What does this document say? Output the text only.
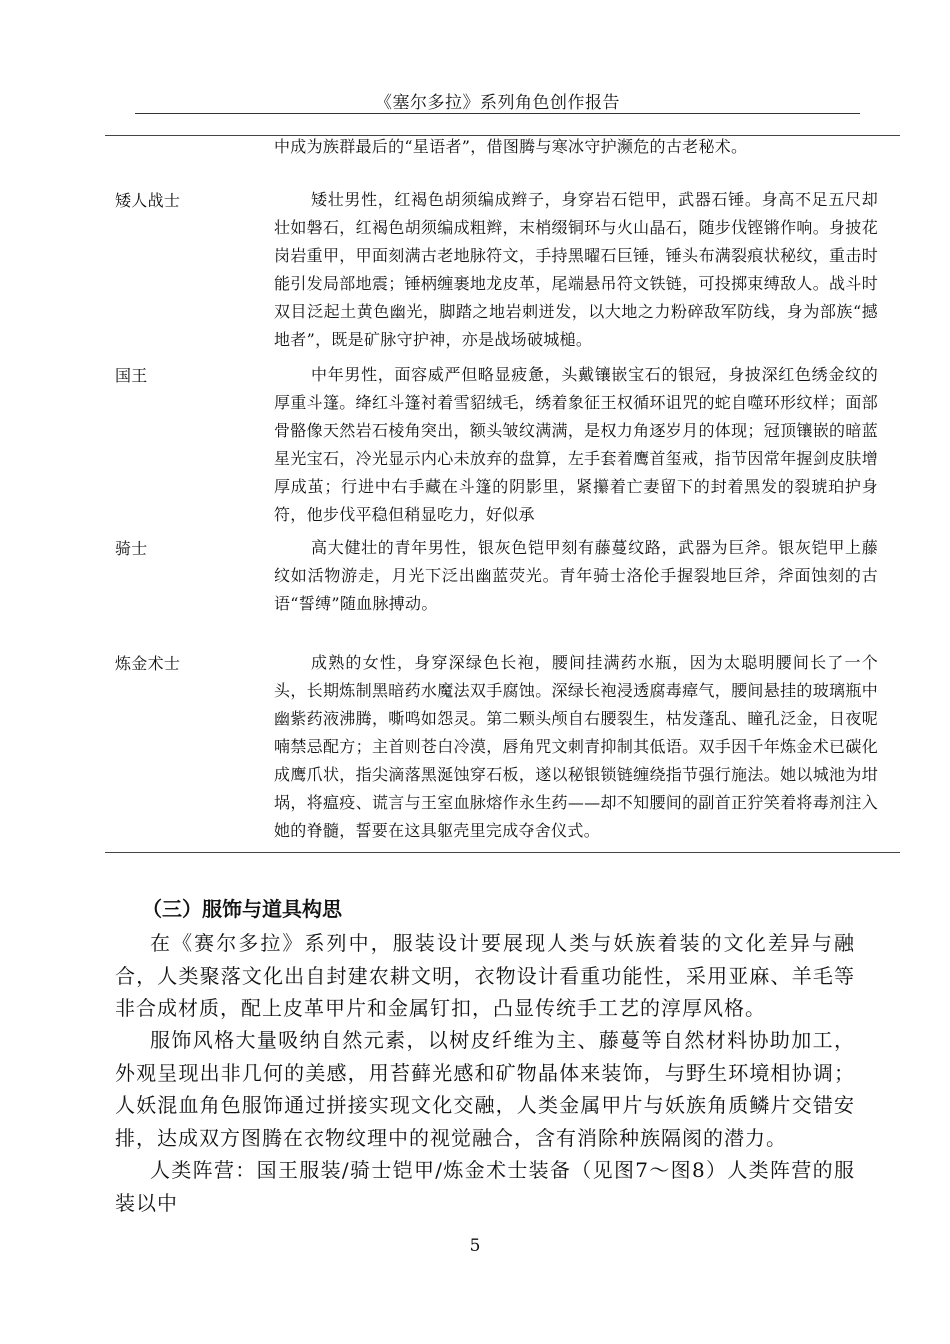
《塞尔多拉》系列角色创作报告
中成为族群最后的“星语者”，借图腾与寒冰守护濒危的古老秘术。
矮人战士	矮壮男性，红褐色胡须编成辫子，身穿岩石铠甲，武器石锤。身高不足五尺却壮如磐石，红褐色胡须编成粗辫，末梢缀铜环与火山晶石，随步伐铿锵作响。身披花岗岩重甲，甲面刻满古老地脉符文，手持黑曜石巨锤，锤头布满裂痕状秘纹，重击时能引发局部地震；锤柄缠裹地龙皮革，尾端悬吊符文铁链，可投掷束缚敌人。战斗时双目泛起土黄色幽光，脚踏之地岩刺迸发，以大地之力粉碎敌军防线，身为部族“撼地者”，既是矿脉守护神，亦是战场破城槌。
国王	中年男性，面容威严但略显疲惫，头戴镶嵌宝石的银冠，身披深红色绣金纹的厚重斗篷。绛红斗篷衬着雪貂绒毛，绣着象征王权循环诅咒的蛇自噬环形纹样；面部骨骼像天然岩石棱角突出，额头皱纹满满，是权力角逐岁月的体现；冠顶镶嵌的暗蓝星光宝石，冷光显示内心未放弃的盘算，左手套着鹰首玺戒，指节因常年握剑皮肤增厚成茧；行进中右手藏在斗篷的阴影里，紧攥着亡妻留下的封着黑发的裂琥珀护身符，他步伐平稳但稍显吃力，好似承
骑士	高大健壮的青年男性，银灰色铠甲刻有藤蔓纹路，武器为巨斧。银灰铠甲上藤纹如活物游走，月光下泛出幽蓝荧光。青年骑士洛伦手握裂地巨斧，斧面蚀刻的古语“誓缚”随血脉搏动。
炼金术士	成熟的女性，身穿深绿色长袍，腰间挂满药水瓶，因为太聪明腰间长了一个头，长期炼制黑暗药水魔法双手腐蚀。深绿长袍浸透腐毒瘴气，腰间悬挂的玻璃瓶中幽紫药液沸腾，嘶鸣如怨灵。第二颗头颅自右腰裂生，枯发蓬乱、瞳孔泛金，日夜呢喃禁忌配方；主首则苍白冷漠，唇角咒文刺青抑制其低语。双手因千年炼金术已碳化成鹰爪状，指尖滴落黑涎蚀穿石板，遂以秘银锁链缠绕指节强行施法。她以城池为坩埚，将瘟疫、谎言与王室血脉熔作永生药——却不知腰间的副首正狞笑着将毒剂注入她的脊髓，誓要在这具躯壳里完成夺舍仪式。
（三）服饰与道具构思
在《赛尔多拉》系列中，服装设计要展现人类与妖族着装的文化差异与融合，人类聚落文化出自封建农耕文明，衣物设计看重功能性，采用亚麻、羊毛等非合成材质，配上皮革甲片和金属钉扣，凸显传统手工艺的淳厚风格。
服饰风格大量吸纳自然元素，以树皮纤维为主、藤蔓等自然材料协助加工，外观呈现出非几何的美感，用苔藓光感和矿物晶体来装饰，与野生环境相协调；人妖混血角色服饰通过拼接实现文化交融，人类金属甲片与妖族角质鳞片交错安排，达成双方图腾在衣物纹理中的视觉融合，含有消除种族隔阂的潜力。
人类阵营：国王服装/骑士铠甲/炼金术士装备（见图7～图8）人类阵营的服装以中
5
